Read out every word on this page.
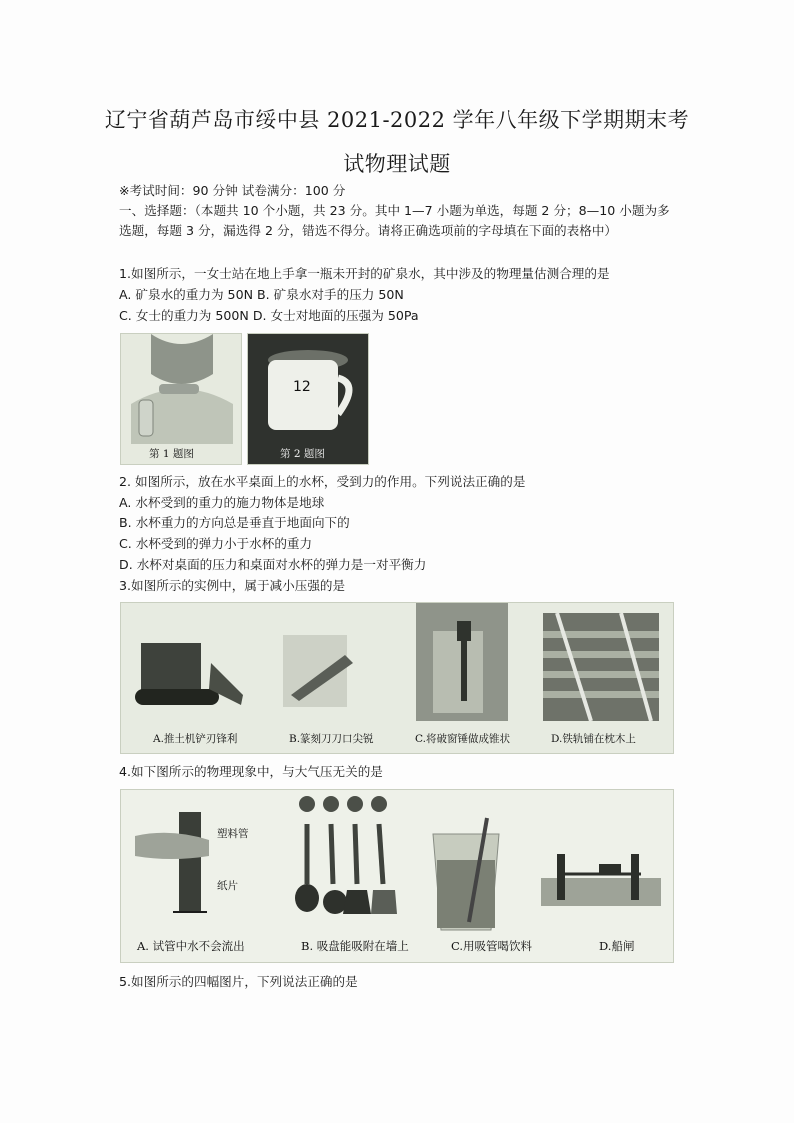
辽宁省葫芦岛市绥中县 2021-2022 学年八年级下学期期末考
试物理试题
※考试时间：90 分钟 试卷满分：100 分
一、选择题：（本题共 10 个小题，共 23 分。其中 1—7 小题为单选，每题 2 分；8—10 小题为多选题，每题 3 分，漏选得 2 分，错选不得分。请将正确选项前的字母填在下面的表格中）
1.如图所示，一女士站在地上手拿一瓶未开封的矿泉水，其中涉及的物理量估测合理的是
A. 矿泉水的重力为 50N B. 矿泉水对手的压力 50N
C. 女士的重力为 500N D. 女士对地面的压强为 50Pa
第 1 题图
12
第 2 题图
2. 如图所示，放在水平桌面上的水杯，受到力的作用。下列说法正确的是
A. 水杯受到的重力的施力物体是地球
B. 水杯重力的方向总是垂直于地面向下的
C. 水杯受到的弹力小于水杯的重力
D. 水杯对桌面的压力和桌面对水杯的弹力是一对平衡力
3.如图所示的实例中，属于减小压强的是
A.推土机铲刃锋利	B.篆刻刀刀口尖锐	C.将破窗锤做成锥状	D.铁轨铺在枕木上
4.如下图所示的物理现象中，与大气压无关的是
塑料管
纸片
A. 试管中水不会流出	B. 吸盘能吸附在墙上	C.用吸管喝饮料	D.船闸
5.如图所示的四幅图片，下列说法正确的是
